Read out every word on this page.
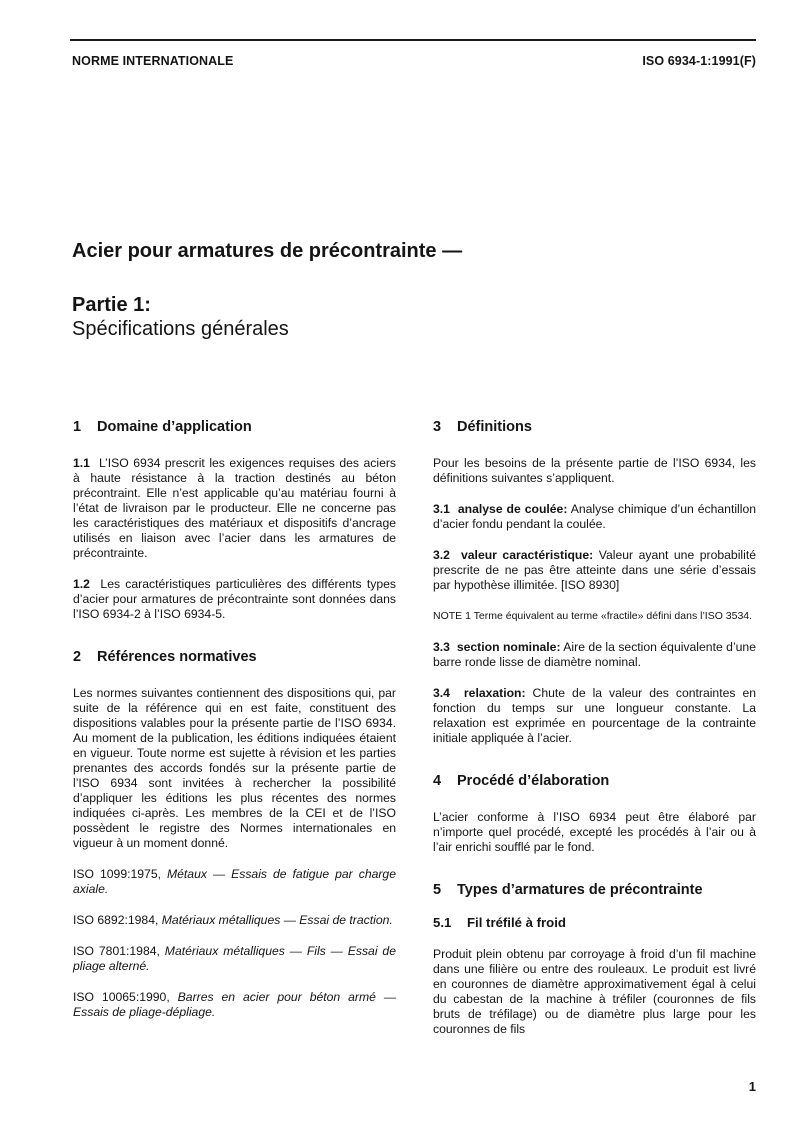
NORME INTERNATIONALE	ISO 6934-1:1991(F)
Acier pour armatures de précontrainte —
Partie 1:
Spécifications générales
1 Domaine d’application

1.1 L’ISO 6934 prescrit les exigences requises des aciers à haute résistance à la traction destinés au béton précontraint. Elle n’est applicable qu’au matériau fourni à l’état de livraison par le producteur. Elle ne concerne pas les caractéristiques des matériaux et dispositifs d’ancrage utilisés en liaison avec l’acier dans les armatures de précontrainte.

1.2 Les caractéristiques particulières des différents types d’acier pour armatures de précontrainte sont données dans l’ISO 6934-2 à l’ISO 6934-5.

2 Références normatives

Les normes suivantes contiennent des dispositions qui, par suite de la référence qui en est faite, constituent des dispositions valables pour la présente partie de l’ISO 6934. Au moment de la publication, les éditions indiquées étaient en vigueur. Toute norme est sujette à révision et les parties prenantes des accords fondés sur la présente partie de l’ISO 6934 sont invitées à rechercher la possibilité d’appliquer les éditions les plus récentes des normes indiquées ci-après. Les membres de la CEI et de l’ISO possèdent le registre des Normes internationales en vigueur à un moment donné.

ISO 1099:1975, Métaux — Essais de fatigue par charge axiale.

ISO 6892:1984, Matériaux métalliques — Essai de traction.

ISO 7801:1984, Matériaux métalliques — Fils — Essai de pliage alterné.

ISO 10065:1990, Barres en acier pour béton armé — Essais de pliage-dépliage.

3 Définitions

Pour les besoins de la présente partie de l’ISO 6934, les définitions suivantes s’appliquent.

3.1 analyse de coulée: Analyse chimique d’un échantillon d’acier fondu pendant la coulée.

3.2 valeur caractéristique: Valeur ayant une probabilité prescrite de ne pas être atteinte dans une série d’essais par hypothèse illimitée. [ISO 8930]

NOTE 1 Terme équivalent au terme «fractile» défini dans l’ISO 3534.

3.3 section nominale: Aire de la section équivalente d’une barre ronde lisse de diamètre nominal.

3.4 relaxation: Chute de la valeur des contraintes en fonction du temps sur une longueur constante. La relaxation est exprimée en pourcentage de la contrainte initiale appliquée à l’acier.

4 Procédé d’élaboration

L’acier conforme à l’ISO 6934 peut être élaboré par n’importe quel procédé, excepté les procédés à l’air ou à l’air enrichi soufflé par le fond.

5 Types d’armatures de précontrainte
5.1 Fil tréfilé à froid

Produit plein obtenu par corroyage à froid d’un fil machine dans une filière ou entre des rouleaux. Le produit est livré en couronnes de diamètre approximativement égal à celui du cabestan de la machine à tréfiler (couronnes de fils bruts de tréfilage) ou de diamètre plus large pour les couronnes de fils

1
